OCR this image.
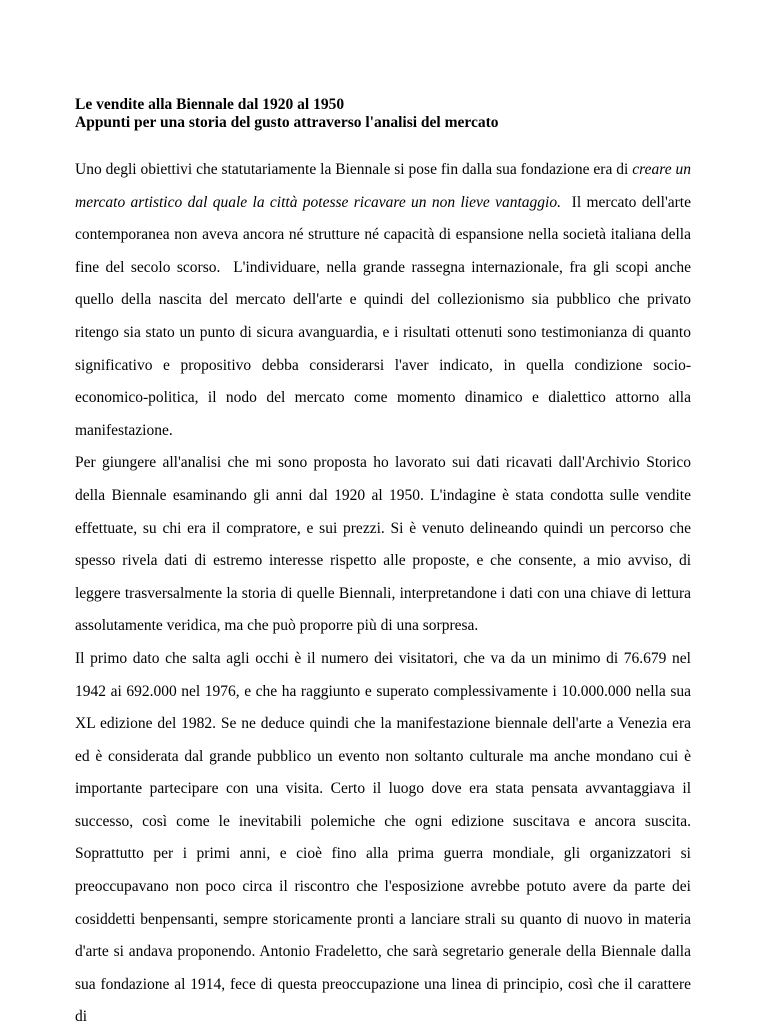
Le vendite alla Biennale dal 1920 al 1950

Appunti per una storia del gusto attraverso l'analisi del mercato

Uno degli obiettivi che statutariamente la Biennale si pose fin dalla sua fondazione era di creare un mercato artistico dal quale la città potesse ricavare un non lieve vantaggio.  Il mercato dell'arte contemporanea non aveva ancora né strutture né capacità di espansione nella società italiana della fine del secolo scorso.  L'individuare, nella grande rassegna internazionale, fra gli scopi anche quello della nascita del mercato dell'arte e quindi del collezionismo sia pubblico che privato ritengo sia stato un punto di sicura avanguardia, e i risultati ottenuti sono testimonianza di quanto significativo e propositivo debba considerarsi l'aver indicato, in quella condizione socio-economico-politica, il nodo del mercato come momento dinamico e dialettico attorno alla manifestazione.

Per giungere all'analisi che mi sono proposta ho lavorato sui dati ricavati dall'Archivio Storico della Biennale esaminando gli anni dal 1920 al 1950. L'indagine è stata condotta sulle vendite effettuate, su chi era il compratore, e sui prezzi. Si è venuto delineando quindi un percorso che spesso rivela dati di estremo interesse rispetto alle proposte, e che consente, a mio avviso, di leggere trasversalmente la storia di quelle Biennali, interpretandone i dati con una chiave di lettura assolutamente veridica, ma che può proporre più di una sorpresa.

Il primo dato che salta agli occhi è il numero dei visitatori, che va da un minimo di 76.679 nel 1942 ai 692.000 nel 1976, e che ha raggiunto e superato complessivamente i 10.000.000 nella sua XL edizione del 1982. Se ne deduce quindi che la manifestazione biennale dell'arte a Venezia era ed è considerata dal grande pubblico un evento non soltanto culturale ma anche mondano cui è importante partecipare con una visita. Certo il luogo dove era stata pensata avvantaggiava il successo, così come le inevitabili polemiche che ogni edizione suscitava e ancora suscita. Soprattutto per i primi anni, e cioè fino alla prima guerra mondiale, gli organizzatori si preoccupavano non poco circa il riscontro che l'esposizione avrebbe potuto avere da parte dei cosiddetti benpensanti, sempre storicamente pronti a lanciare strali su quanto di nuovo in materia d'arte si andava proponendo. Antonio Fradeletto, che sarà segretario generale della Biennale dalla sua fondazione al 1914, fece di questa preoccupazione una linea di principio, così che il carattere di
